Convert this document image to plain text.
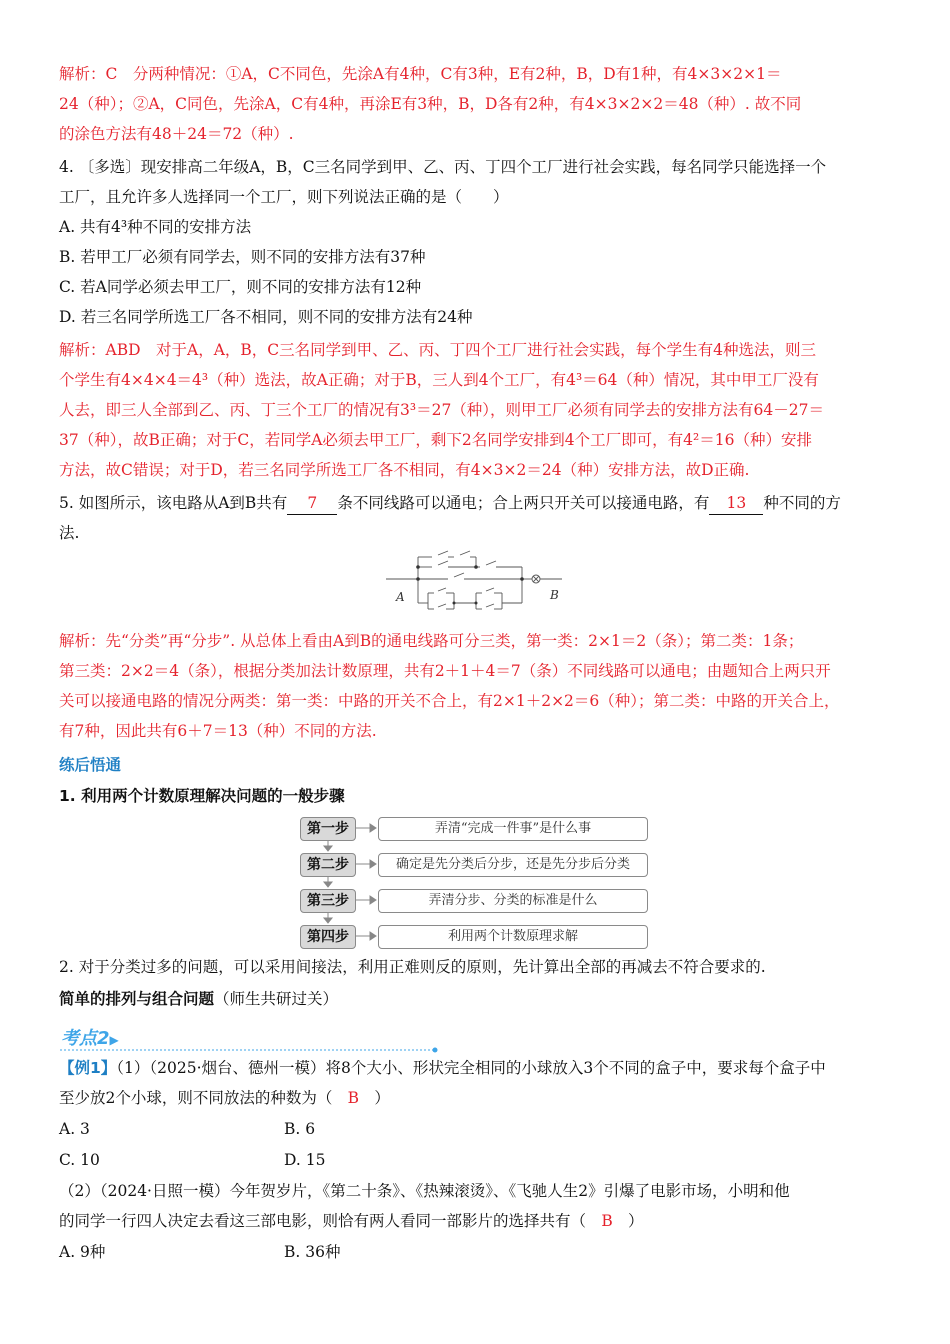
解析：C　分两种情况：①A，C不同色，先涂A有4种，C有3种，E有2种，B，D有1种，有4×3×2×1＝
24（种）；②A，C同色，先涂A，C有4种，再涂E有3种，B，D各有2种，有4×3×2×2＝48（种）. 故不同
的涂色方法有48＋24＝72（种）.
4. 〔多选〕现安排高二年级A，B，C三名同学到甲、乙、丙、丁四个工厂进行社会实践，每名同学只能选择一个
工厂，且允许多人选择同一个工厂，则下列说法正确的是（　　）
A. 共有4³种不同的安排方法
B. 若甲工厂必须有同学去，则不同的安排方法有37种
C. 若A同学必须去甲工厂，则不同的安排方法有12种
D. 若三名同学所选工厂各不相同，则不同的安排方法有24种
解析：ABD　对于A，A，B，C三名同学到甲、乙、丙、丁四个工厂进行社会实践，每个学生有4种选法，则三
个学生有4×4×4＝4³（种）选法，故A正确；对于B，三人到4个工厂，有4³＝64（种）情况，其中甲工厂没有
人去，即三人全部到乙、丙、丁三个工厂的情况有3³＝27（种），则甲工厂必须有同学去的安排方法有64－27＝
37（种），故B正确；对于C，若同学A必须去甲工厂，剩下2名同学安排到4个工厂即可，有4²＝16（种）安排
方法，故C错误；对于D，若三名同学所选工厂各不相同，有4×3×2＝24（种）安排方法，故D正确.
5. 如图所示，该电路从A到B共有 7 条不同线路可以通电；合上两只开关可以接通电路，有 13 种不同的方
法.
A	B
解析：先“分类”再“分步”. 从总体上看由A到B的通电线路可分三类，第一类：2×1＝2（条）；第二类：1条；
第三类：2×2＝4（条），根据分类加法计数原理，共有2＋1＋4＝7（条）不同线路可以通电；由题知合上两只开
关可以接通电路的情况分两类：第一类：中路的开关不合上，有2×1＋2×2＝6（种）；第二类：中路的开关合上，
有7种，因此共有6＋7＝13（种）不同的方法.
练后悟通
1. 利用两个计数原理解决问题的一般步骤
第一步	弄清“完成一件事”是什么事
第二步	确定是先分类后分步，还是先分步后分类
第三步	弄清分步、分类的标准是什么
第四步	利用两个计数原理求解
2. 对于分类过多的问题，可以采用间接法，利用正难则反的原则，先计算出全部的再减去不符合要求的.
简单的排列与组合问题（师生共研过关）
考点2▶
【例1】（1）（2025·烟台、德州一模）将8个大小、形状完全相同的小球放入3个不同的盒子中，要求每个盒子中
至少放2个小球，则不同放法的种数为（ B ）
A. 3	B. 6
C. 10	D. 15
（2）（2024·日照一模）今年贺岁片，《第二十条》、《热辣滚烫》、《飞驰人生2》引爆了电影市场，小明和他
的同学一行四人决定去看这三部电影，则恰有两人看同一部影片的选择共有（ B ）
A. 9种	B. 36种
